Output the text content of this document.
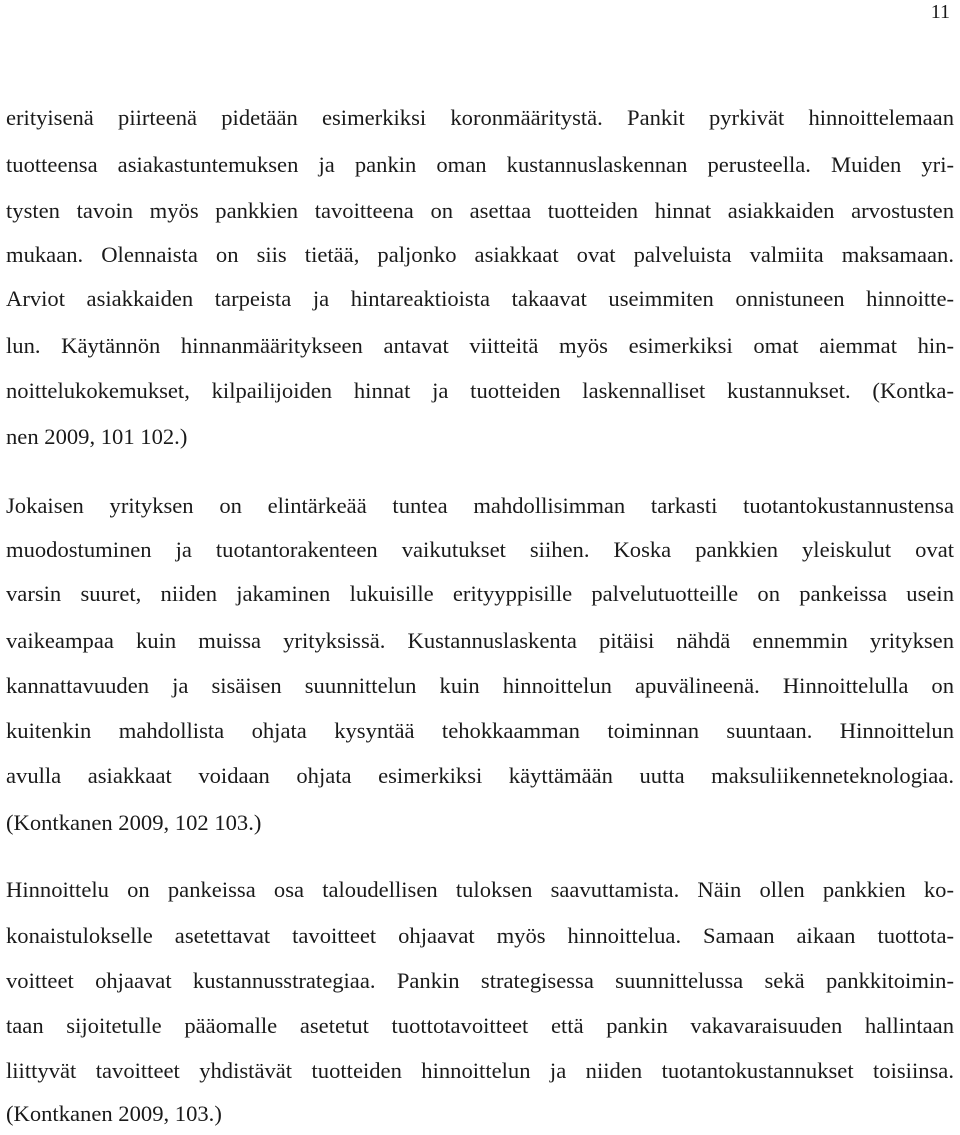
11
erityisenä piirteenä pidetään esimerkiksi koronmääritystä. Pankit pyrkivät hinnoittelemaan
tuotteensa asiakastuntemuksen ja pankin oman kustannuslaskennan perusteella. Muiden yri-
tysten tavoin myös pankkien tavoitteena on asettaa tuotteiden hinnat asiakkaiden arvostusten
mukaan. Olennaista on siis tietää, paljonko asiakkaat ovat palveluista valmiita maksamaan.
Arviot asiakkaiden tarpeista ja hintareaktioista takaavat useimmiten onnistuneen hinnoitte-
lun. Käytännön hinnanmääritykseen antavat viitteitä myös esimerkiksi omat aiemmat hin-
noittelukokemukset, kilpailijoiden hinnat ja tuotteiden laskennalliset kustannukset. (Kontka-
nen 2009, 101 102.)
Jokaisen yrityksen on elintärkeää tuntea mahdollisimman tarkasti tuotantokustannustensa
muodostuminen ja tuotantorakenteen vaikutukset siihen. Koska pankkien yleiskulut ovat
varsin suuret, niiden jakaminen lukuisille erityyppisille palvelutuotteille on pankeissa usein
vaikeampaa kuin muissa yrityksissä. Kustannuslaskenta pitäisi nähdä ennemmin yrityksen
kannattavuuden ja sisäisen suunnittelun kuin hinnoittelun apuvälineenä. Hinnoittelulla on
kuitenkin mahdollista ohjata kysyntää tehokkaamman toiminnan suuntaan. Hinnoittelun
avulla asiakkaat voidaan ohjata esimerkiksi käyttämään uutta maksuliikenneteknologiaa.
(Kontkanen 2009, 102 103.)
Hinnoittelu on pankeissa osa taloudellisen tuloksen saavuttamista. Näin ollen pankkien ko-
konaistulokselle asetettavat tavoitteet ohjaavat myös hinnoittelua. Samaan aikaan tuottota-
voitteet ohjaavat kustannusstrategiaa. Pankin strategisessa suunnittelussa sekä pankkitoimin-
taan sijoitetulle pääomalle asetetut tuottotavoitteet että pankin vakavaraisuuden hallintaan
liittyvät tavoitteet yhdistävät tuotteiden hinnoittelun ja niiden tuotantokustannukset toisiinsa.
(Kontkanen 2009, 103.)
